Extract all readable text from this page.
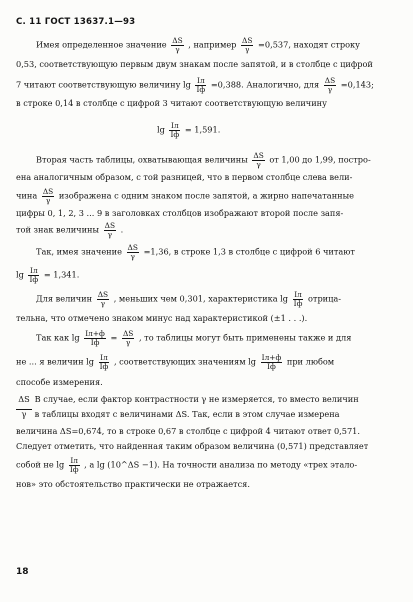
С. 11 ГОСТ 13637.1—93
Имея определенное значение $\frac{\Delta S}{\gamma}$ , например $\frac{\Delta S}{\gamma} =0,537$, находят строку
0,53, соответствующую первым двум знакам после запятой, и в столбце с цифрой
7 читают соответствующую величину $\lg \frac{Iл}{Iф} =0,388$. Аналогично, для $\frac{\Delta S}{\gamma} =0,143$;
в строке 0,14 в столбце с цифрой 3 читают соответствующую величину
$\lg \frac{Iл}{Iф} = 1,591$.
Вторая часть таблицы, охватывающая величины $\frac{\Delta S}{\gamma}$ от 1,00 до 1,99, постро-
ена аналогичным образом, с той разницей, что в первом столбце слева вели-
чина $\frac{\Delta S}{\gamma}$ изображена с одним знаком после запятой, а жирно напечатанные
цифры 0, 1, 2, 3 ... 9 в заголовках столбцов изображают второй после запя-
той знак величины $\frac{\Delta S}{\gamma}$ .
Так, имея значение $\frac{\Delta S}{\gamma} =1,36$, в строке 1,3 в столбце с цифрой 6 читают
$\lg \frac{Iл}{Iф} = 1,341$.
Для величин $\frac{\Delta S}{\gamma}$ , меньших чем 0,301, характеристика $\lg \frac{Iл}{Iф}$ отрица-
тельна, что отмечено знаком минус над характеристикой (±1 . . .).
Так как $\lg \frac{Iл+ф}{Iф} = \frac{\Delta S}{\gamma}$ , то таблицы могут быть применены также и для
не ... я величин $\lg \frac{Iл}{Iф}$ , соответствующих значениям $\lg \frac{Iл+ф}{Iф}$ при любом
способе измерения.
ΔS В случае, если фактор контрастности γ не измеряется, то вместо величин
γ в таблицы входят с величинами ΔS. Так, если в этом случае измерена
величина ΔS=0,674, то в строке 0,67 в столбце с цифрой 4 читают ответ 0,571.
Следует отметить, что найденная таким образом величина (0,571) представляет
собой не $\lg \frac{Iл}{Iф}$ , а lg (10^ΔS −1). На точности анализа по методу «трех этало-
нов» это обстоятельство практически не отражается.
18
